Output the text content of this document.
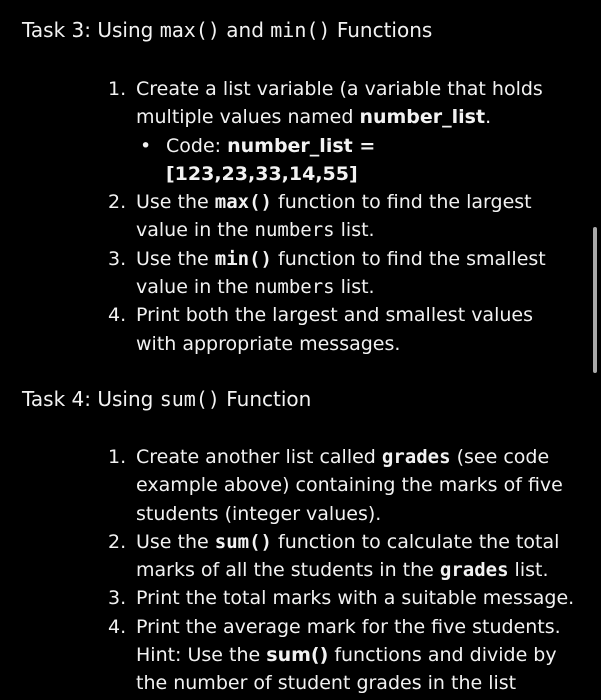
Task 3: Using max() and min() Functions
1. Create a list variable (a variable that holds multiple values named number_list.
• Code: number_list = [123,23,33,14,55]
2. Use the max() function to find the largest value in the numbers list.
3. Use the min() function to find the smallest value in the numbers list.
4. Print both the largest and smallest values with appropriate messages.
Task 4: Using sum() Function
1. Create another list called grades (see code example above) containing the marks of five students (integer values).
2. Use the sum() function to calculate the total marks of all the students in the grades list.
3. Print the total marks with a suitable message.
4. Print the average mark for the five students. Hint: Use the sum() functions and divide by the number of student grades in the list
